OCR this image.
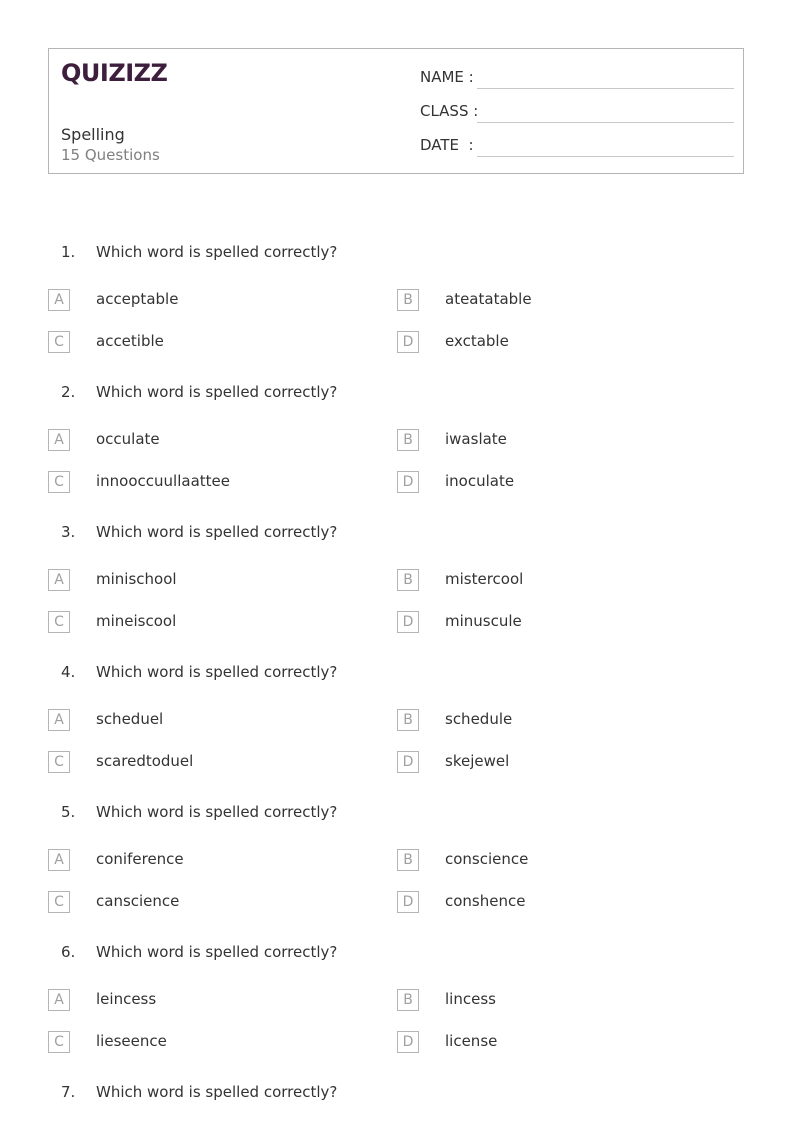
QUIZIZZ
Spelling
15 Questions
NAME :
CLASS :
DATE  :
1. Which word is spelled correctly?
A	acceptable	B	ateatatable
C	accetible	D	exctable
2. Which word is spelled correctly?
A	occulate	B	iwaslate
C	innooccuullaattee	D	inoculate
3. Which word is spelled correctly?
A	minischool	B	mistercool
C	mineiscool	D	minuscule
4. Which word is spelled correctly?
A	scheduel	B	schedule
C	scaredtoduel	D	skejewel
5. Which word is spelled correctly?
A	coniference	B	conscience
C	canscience	D	conshence
6. Which word is spelled correctly?
A	leincess	B	lincess
C	lieseence	D	license
7. Which word is spelled correctly?
